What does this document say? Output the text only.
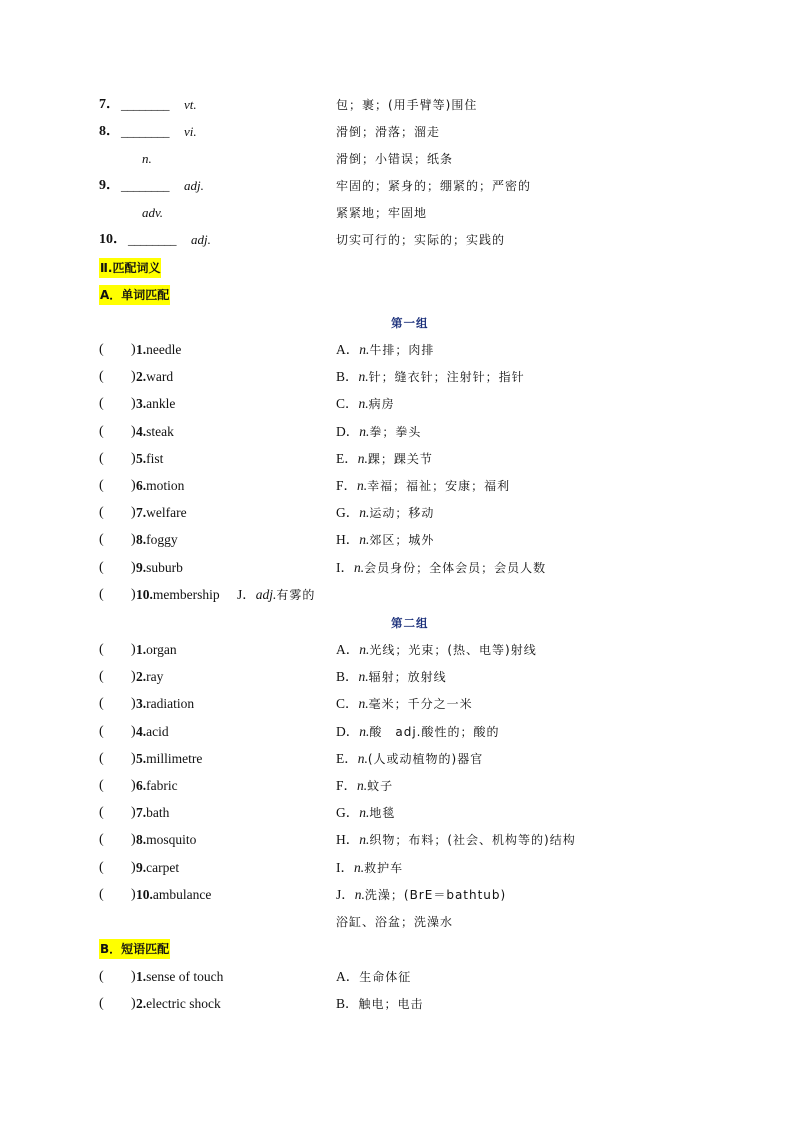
7． ________ vt.	包；裹；(用手臂等)围住
8． ________ vi.	滑倒；滑落；溜走
n.	滑倒；小错误；纸条
9． ________ adj.	牢固的；紧身的；绷紧的；严密的
adv.	紧紧地；牢固地
10． ________ adj.	切实可行的；实际的；实践的
Ⅱ.匹配词义
A．单词匹配
第一组
( ) 1.needle	A．n.牛排；肉排
( ) 2.ward	B．n.针；缝衣针；注射针；指针
( ) 3.ankle	C．n.病房
( ) 4.steak	D．n.拳；拳头
( ) 5.fist	E．n.踝；踝关节
( ) 6.motion	F．n.幸福；福祉；安康；福利
( ) 7.welfare	G．n.运动；移动
( ) 8.foggy	H．n.郊区；城外
( ) 9.suburb	I．n.会员身份；全体会员；会员人数
( ) 10.membership J．adj.有雾的
第二组
( ) 1.organ	A．n.光线；光束；(热、电等)射线
( ) 2.ray	B．n.辐射；放射线
( ) 3.radiation	C．n.毫米；千分之一米
( ) 4.acid	D．n.酸　adj.酸性的；酸的
( ) 5.millimetre	E．n.(人或动植物的)器官
( ) 6.fabric	F．n.蚊子
( ) 7.bath	G．n.地毯
( ) 8.mosquito	H．n.织物；布料；(社会、机构等的)结构
( ) 9.carpet	I．n.救护车
( ) 10.ambulance	J．n.洗澡；(BrE＝bathtub)
浴缸、浴盆；洗澡水
B．短语匹配
( ) 1.sense of touch	A．生命体征
( ) 2.electric shock	B．触电；电击
